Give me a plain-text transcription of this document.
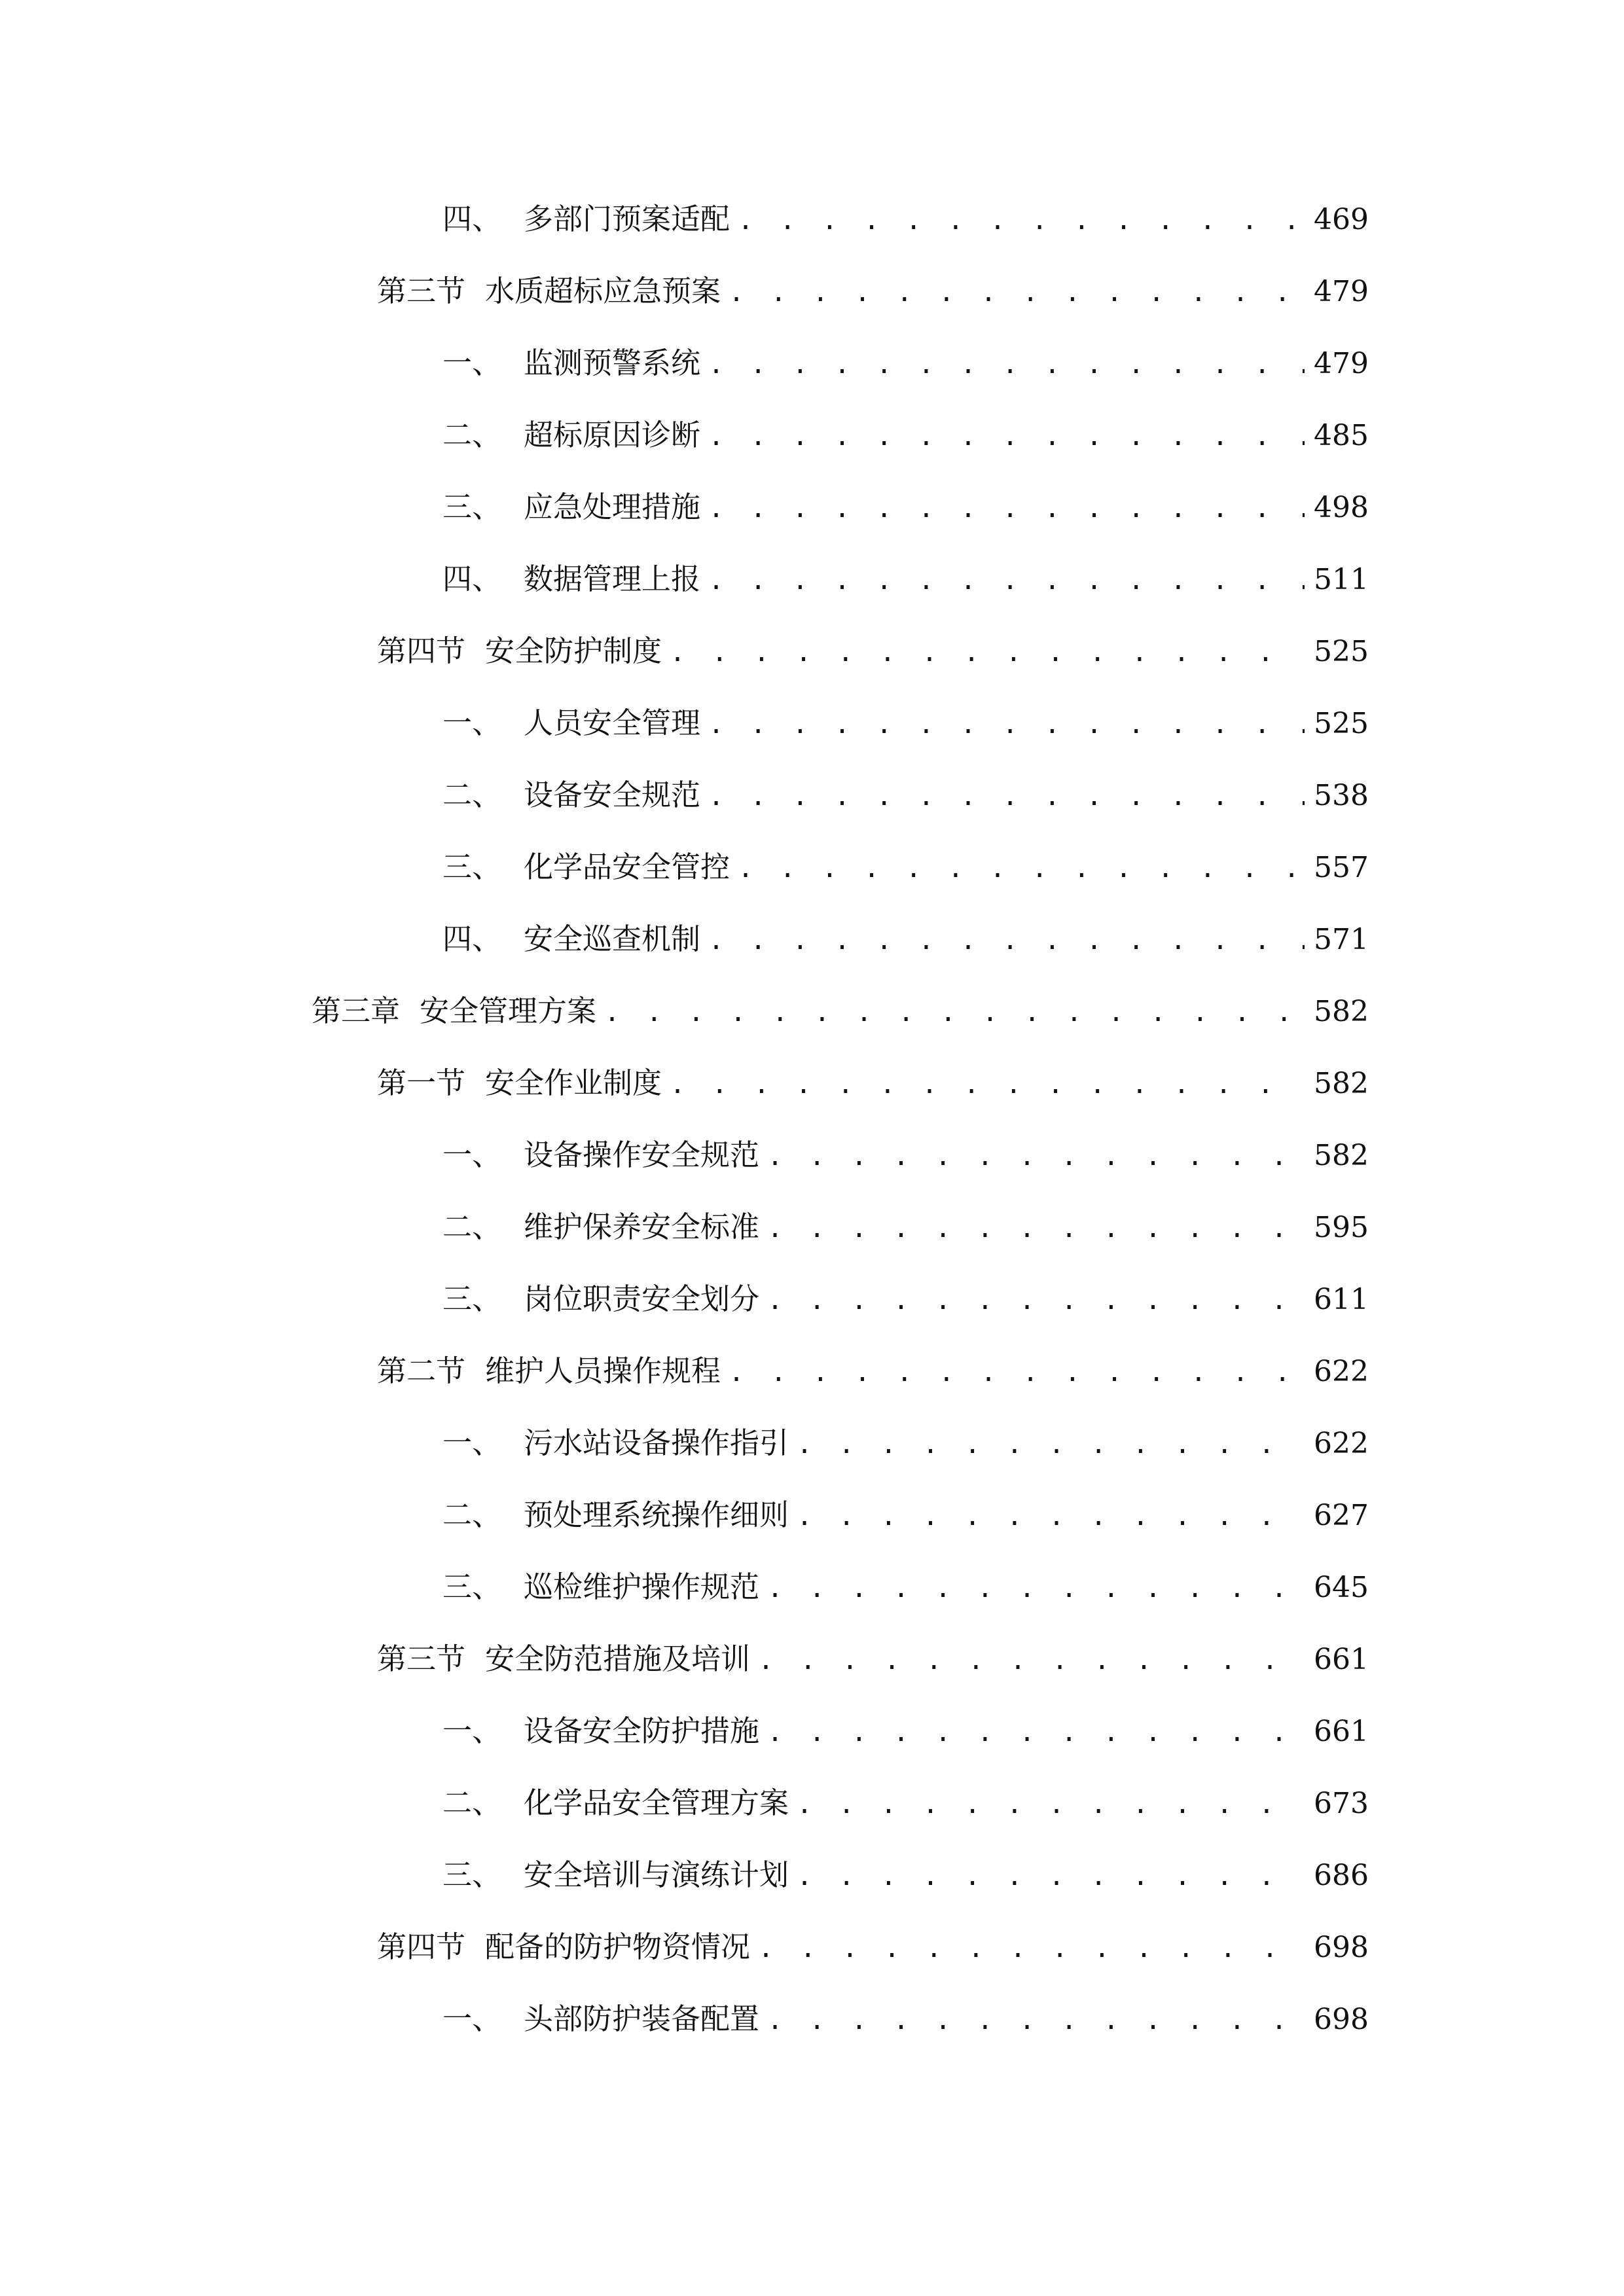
四、 多部门预案适配 . . .	469
第三节 水质超标应急预案 . . .	479
一、 监测预警系统 . . .	479
二、 超标原因诊断 . . .	485
三、 应急处理措施 . . .	498
四、 数据管理上报 . . .	511
第四节 安全防护制度 . . .	525
一、 人员安全管理 . . .	525
二、 设备安全规范 . . .	538
三、 化学品安全管控 . . .	557
四、 安全巡查机制 . . .	571
第三章 安全管理方案 . . .	582
第一节 安全作业制度 . . .	582
一、 设备操作安全规范 . . .	582
二、 维护保养安全标准 . . .	595
三、 岗位职责安全划分 . . .	611
第二节 维护人员操作规程 . . .	622
一、 污水站设备操作指引 . . .	622
二、 预处理系统操作细则 . . .	627
三、 巡检维护操作规范 . . .	645
第三节 安全防范措施及培训 . . .	661
一、 设备安全防护措施 . . .	661
二、 化学品安全管理方案 . . .	673
三、 安全培训与演练计划 . . .	686
第四节 配备的防护物资情况 . . .	698
一、 头部防护装备配置 . . .	698
